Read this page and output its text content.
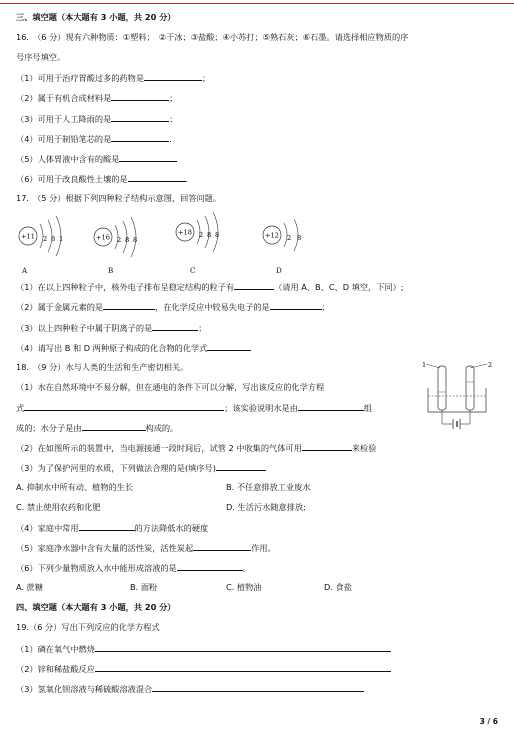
三、填空题（本大题有 3 小题，共 20 分）
16.　（6 分）现有六种物质：①塑料；　②干冰；③盐酸；④小苏打；⑤熟石灰；⑥石墨。请选择相应物质的序
号序号填空。
（1）可用于治疗胃酸过多的药物是	；
（2）属于有机合成材料是	；
（3）可用于人工降雨的是	；
（4）可用于制铅笔芯的是	.
（5）人体胃液中含有的酸是
（6）可用于改良酸性土壤的是	.
17.　（5 分）根据下列四种粒子结构示意图，回答问题。
+11 2 8 1	+16 2 8 8
+18 2 8 8	+12 2 8
A	B	C	D
（1）在以上四种粒子中，核外电子排布呈稳定结构的粒子有	（请用 A、B、C、D 填空，下同）;
（2）属于金属元素的是	，在化学反应中较易失电子的是	；
（3）以上四种粒子中属于阴离子的是	；
（4）请写出 B 和 D 两种原子构成的化合物的化学式
18.　（9 分）水与人类的生活和生产密切相关。
（1）水在自然环境中不易分解，但在通电的条件下可以分解，写出该反应的化学方程
式	；该实验说明水是由	组
成的；水分子是由	构成的。
1	2
（2）在如图所示的装置中，当电源接通一段时间后，试管 2 中收集的气体可用	来检验
（3）为了保护河里的水质，下列做法合理的是(填序号)
A. 抑制水中所有动、植物的生长	B. 不任意排放工业废水
C. 禁止使用农药和化肥	D. 生活污水随意排放;
（4）家庭中常用	的方法降低水的硬度
（5）家庭净水器中含有大量的活性炭，活性炭起	作用。
（6）下列少量物质放入水中能形成溶液的是	。
A. 蔗糖	B. 面粉	C. 植物油	D. 食盐
四、填空题（本大题有 3 小题，共 20 分）
19.（6 分）写出下列反应的化学方程式
（1）磷在氧气中燃烧
（2）锌和稀盐酸反应
（3）氢氧化钡溶液与稀硫酸溶液混合
3 / 6
